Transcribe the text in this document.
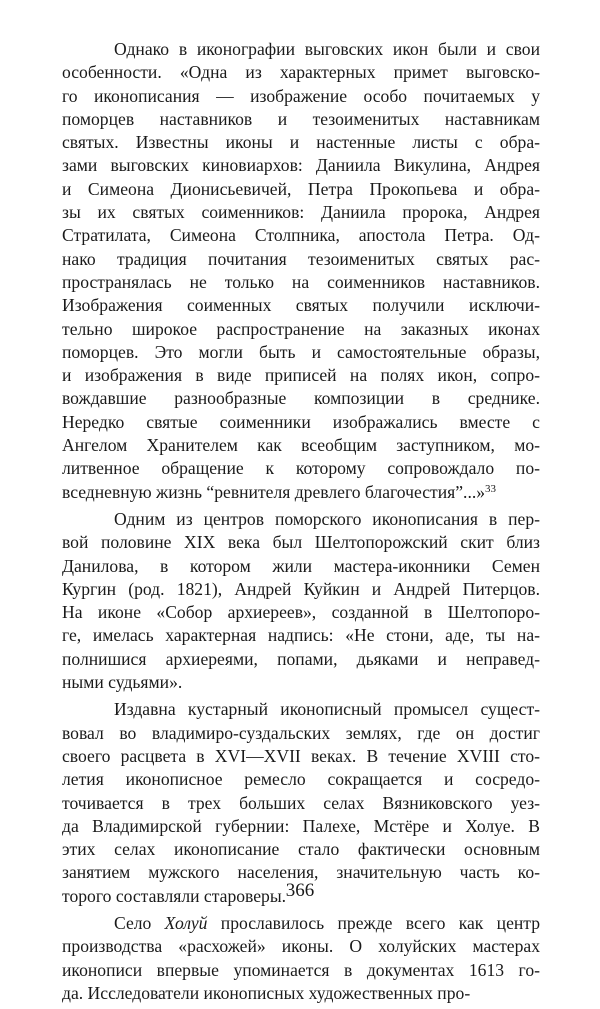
Однако в иконографии выговских икон были и свои
особенности. «Одна из характерных примет выговско-
го иконописания — изображение особо почитаемых у
поморцев наставников и тезоименитых наставникам
святых. Известны иконы и настенные листы с обра-
зами выговских киновиархов: Даниила Викулина, Андрея
и Симеона Дионисьевичей, Петра Прокопьева и обра-
зы их святых соименников: Даниила пророка, Андрея
Стратилата, Симеона Столпника, апостола Петра. Од-
нако традиция почитания тезоименитых святых рас-
пространялась не только на соименников наставников.
Изображения соименных святых получили исключи-
тельно широкое распространение на заказных иконах
поморцев. Это могли быть и самостоятельные образы,
и изображения в виде приписей на полях икон, сопро-
вождавшие разнообразные композиции в среднике.
Нередко святые соименники изображались вместе с
Ангелом Хранителем как всеобщим заступником, мо-
литвенное обращение к которому сопровождало по-
вседневную жизнь “ревнителя древлего благочестия”...»$^{33}$

Одним из центров поморского иконописания в пер-
вой половине XIX века был Шелтопорожский скит близ
Данилова, в котором жили мастера-иконники Семен
Кургин (род. 1821), Андрей Куйкин и Андрей Питерцов.
На иконе «Собор архиереев», созданной в Шелтопоро-
ге, имелась характерная надпись: «Не стони, аде, ты на-
полнишися архиереями, попами, дьяками и неправед-
ными судьями».

Издавна кустарный иконописный промысел сущест-
вовал во владимиро-суздальских землях, где он достиг
своего расцвета в XVI—XVII веках. В течение XVIII сто-
летия иконописное ремесло сокращается и сосредо-
точивается в трех больших селах Вязниковского уез-
да Владимирской губернии: Палехе, Мстёре и Холуе. В
этих селах иконописание стало фактически основным
занятием мужского населения, значительную часть ко-
торого составляли староверы.

Село Холуй прославилось прежде всего как центр
производства «расхожей» иконы. О холуйских мастерах
иконописи впервые упоминается в документах 1613 го-
да. Исследователи иконописных художественных про-

366
